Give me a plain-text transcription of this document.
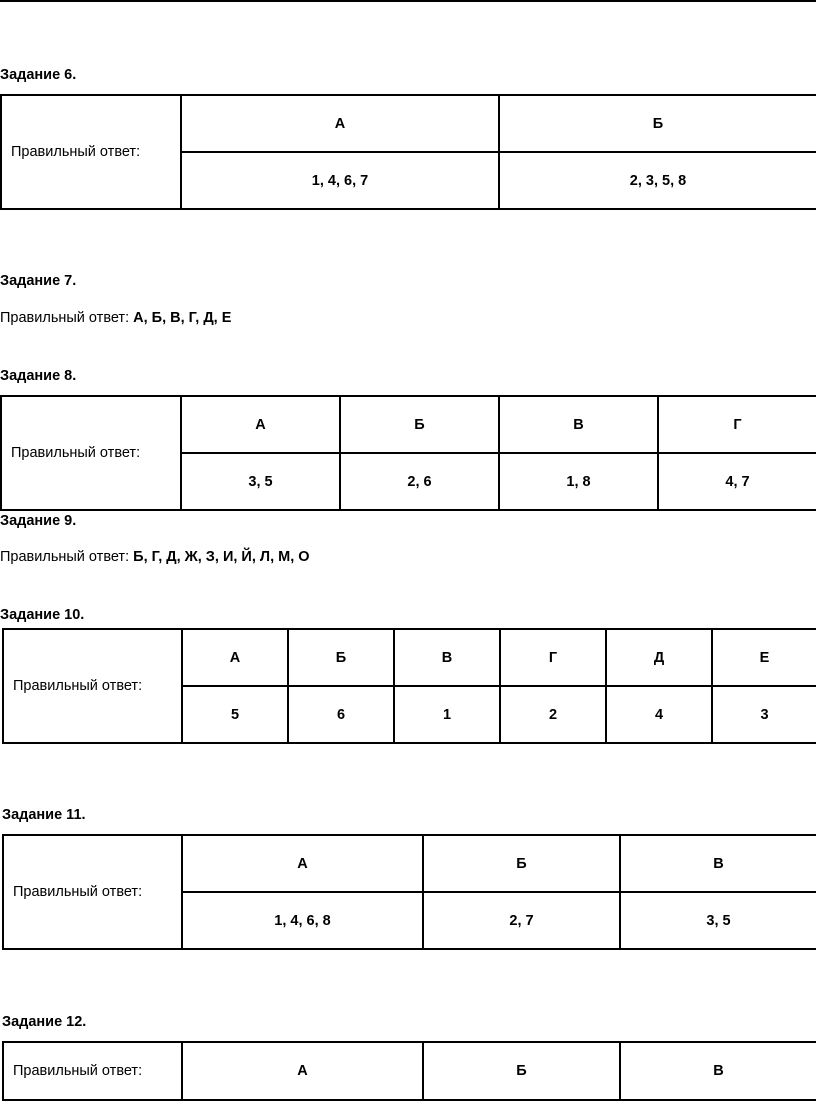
Задание 6.
Правильный ответ:	А	Б
	1, 4, 6, 7	2, 3, 5, 8
Задание 7.
Правильный ответ: А, Б, В, Г, Д, Е
Задание 8.
Правильный ответ:	А	Б	В	Г
	3, 5	2, 6	1, 8	4, 7
Задание 9.
Правильный ответ: Б, Г, Д, Ж, З, И, Й, Л, М, О
Задание 10.
Правильный ответ:	А	Б	В	Г	Д	Е
	5	6	1	2	4	3
Задание 11.
Правильный ответ:	А	Б	В
	1, 4, 6, 8	2, 7	3, 5
Задание 12.
Правильный ответ:	А	Б	В
